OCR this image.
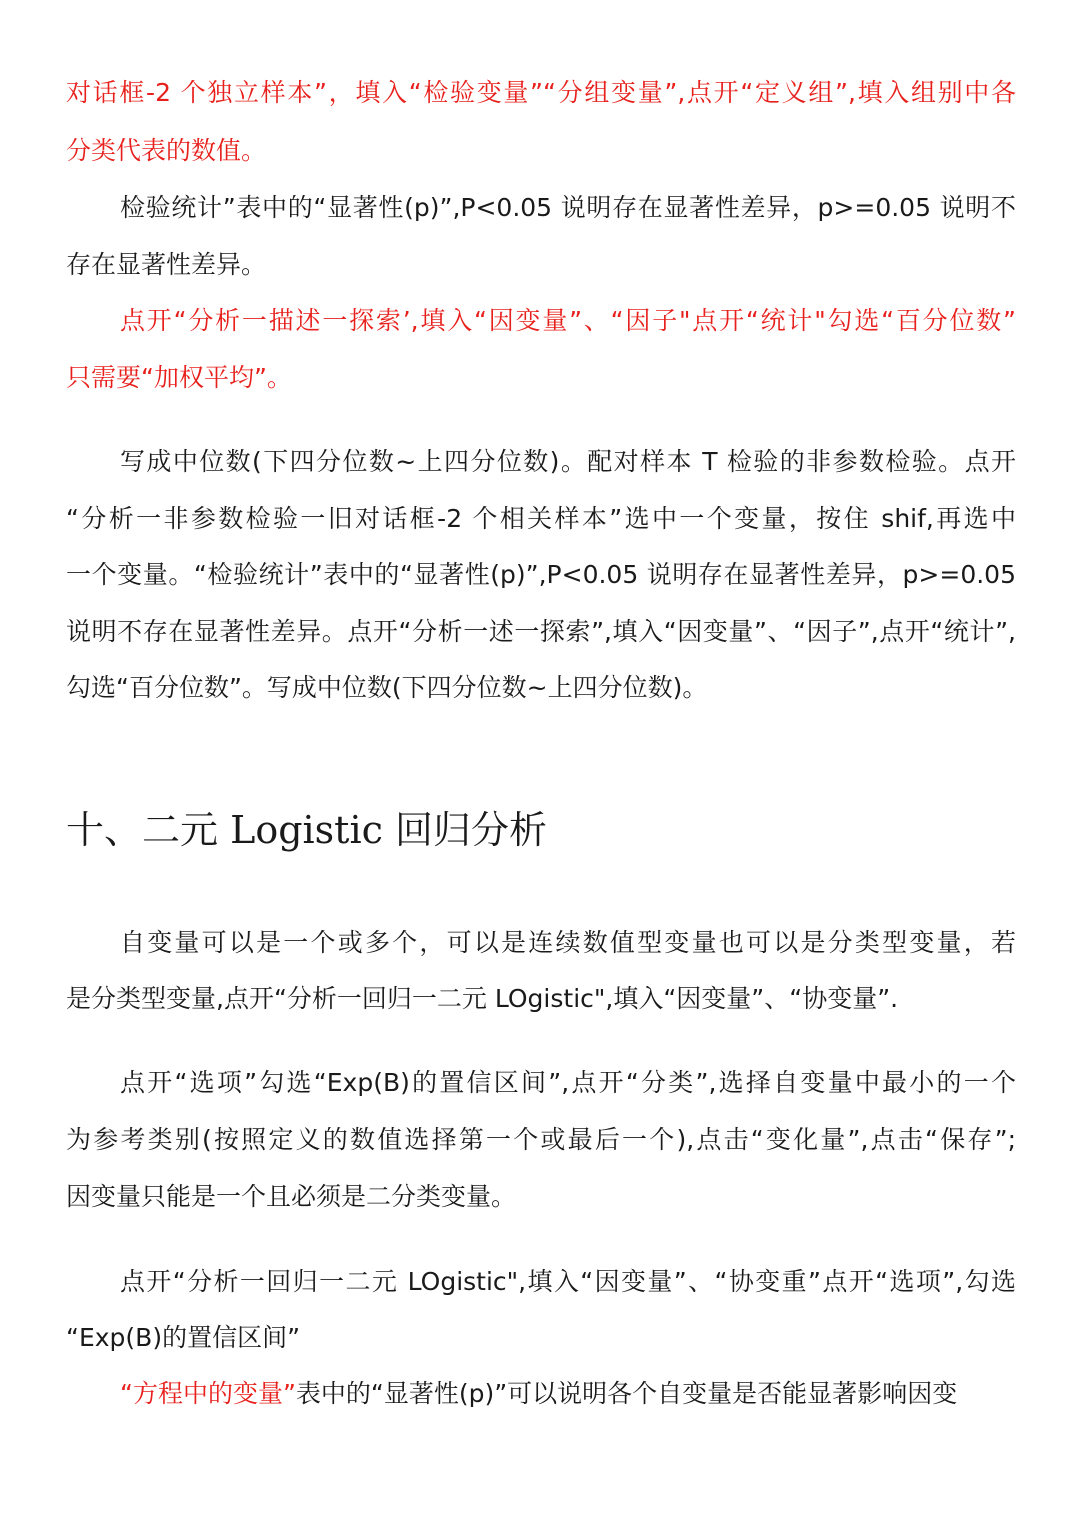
对话框-2 个独立样本”，填入“检验变量”“分组变量”,点开“定义组”,填入组别中各
分类代表的数值。
检验统计”表中的“显著性(p)”,P<0.05 说明存在显著性差异，p>=0.05 说明不
存在显著性差异。
点开“分析一描述一探索’,填入“因变量”、“因子"点开“统计"勾选“百分位数”
只需要“加权平均”。
写成中位数(下四分位数~上四分位数)。配对样本 T 检验的非参数检验。点开
“分析一非参数检验一旧对话框-2 个相关样本”选中一个变量，按住 shif,再选中
一个变量。“检验统计”表中的“显著性(p)”,P<0.05 说明存在显著性差异，p>=0.05
说明不存在显著性差异。点开“分析一述一探索”,填入“因变量”、“因子”,点开“统计”,
勾选“百分位数”。写成中位数(下四分位数~上四分位数)。
十、二元 Logistic 回归分析
自变量可以是一个或多个，可以是连续数值型变量也可以是分类型变量，若
是分类型变量,点开“分析一回归一二元 LOgistic",填入“因变量”、“协变量”.
点开“选项”勾选“Exp(B)的置信区间”,点开“分类”,选择自变量中最小的一个
为参考类别(按照定义的数值选择第一个或最后一个),点击“变化量”,点击“保存”;
因变量只能是一个且必须是二分类变量。
点开“分析一回归一二元 LOgistic",填入“因变量”、“协变重”点开“选项”,勾选
“Exp(B)的置信区间”
“方程中的变量”表中的“显著性(p)”可以说明各个自变量是否能显著影响因变
